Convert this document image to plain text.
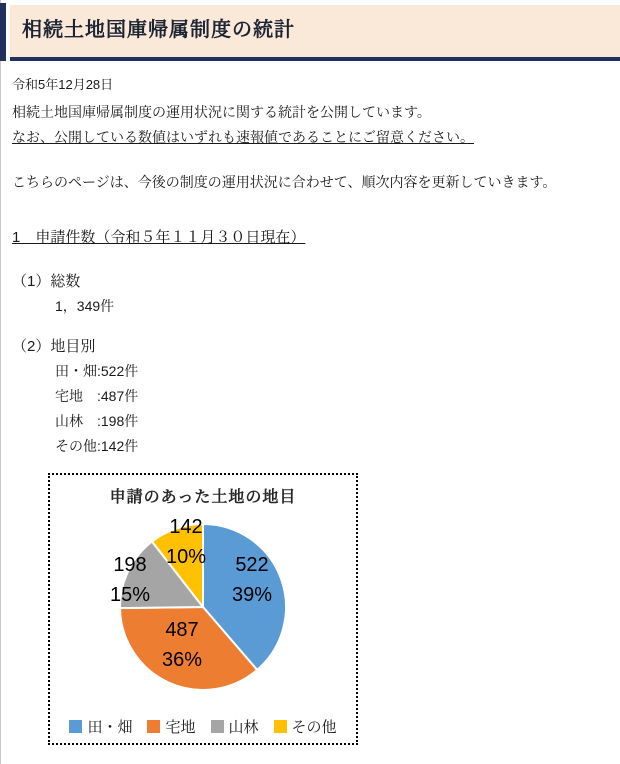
相続土地国庫帰属制度の統計
令和5年12月28日
相続土地国庫帰属制度の運用状況に関する統計を公開しています。
なお、公開している数値はいずれも速報値であることにご留意ください。
こちらのページは、今後の制度の運用状況に合わせて、順次内容を更新していきます。
1　申請件数（令和５年１１月３０日現在）
（1）総数
1，349件
（2）地目別
田・畑:522件
宅地　:487件
山林　:198件
その他:142件
522
39%
487
36%
198
15%
142
10%
申請のあった土地の地目
田・畑 宅地 山林 その他
